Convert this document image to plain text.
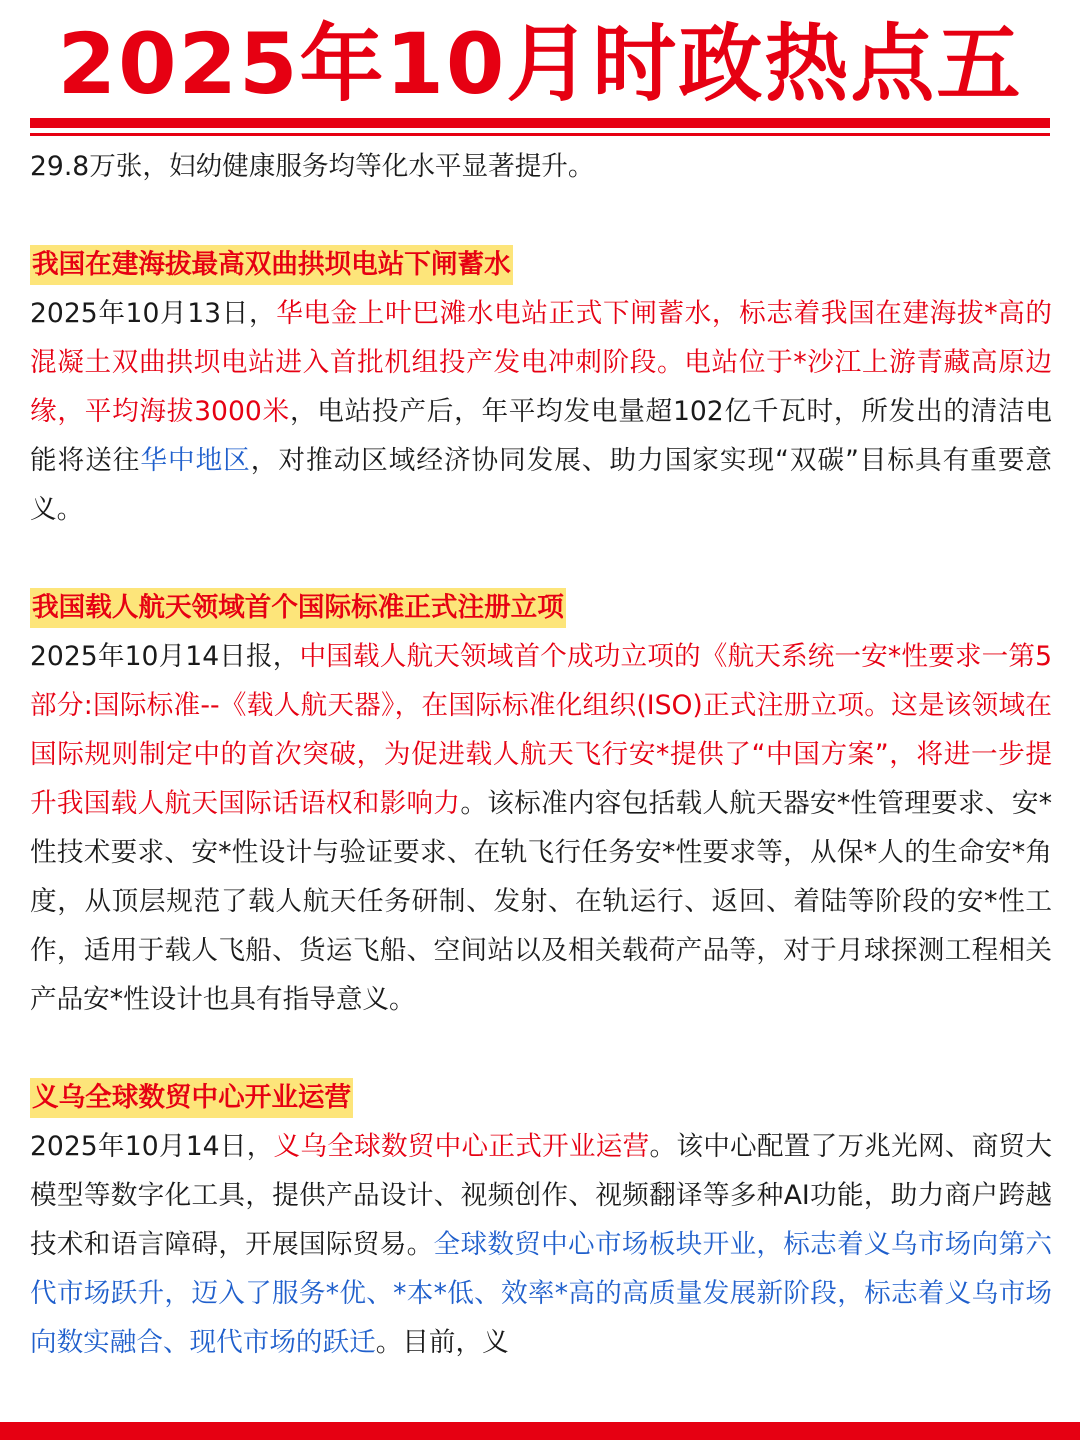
2025年10月时政热点五

29.8万张，妇幼健康服务均等化水平显著提升。

我国在建海拔最高双曲拱坝电站下闸蓄水

2025年10月13日，华电金上叶巴滩水电站正式下闸蓄水，标志着我国在建海拔*高的混凝土双曲拱坝电站进入首批机组投产发电冲刺阶段。电站位于*沙江上游青藏高原边缘，平均海拔3000米，电站投产后，年平均发电量超102亿千瓦时，所发出的清洁电能将送往华中地区，对推动区域经济协同发展、助力国家实现“双碳”目标具有重要意义。

我国载人航天领域首个国际标准正式注册立项

2025年10月14日报，中国载人航天领域首个成功立项的《航天系统一安*性要求一第5部分:国际标准--《载人航天器》，在国际标准化组织(ISO)正式注册立项。这是该领域在国际规则制定中的首次突破，为促进载人航天飞行安*提供了“中国方案”，将进一步提升我国载人航天国际话语权和影响力。该标准内容包括载人航天器安*性管理要求、安*性技术要求、安*性设计与验证要求、在轨飞行任务安*性要求等，从保*人的生命安*角度，从顶层规范了载人航天任务研制、发射、在轨运行、返回、着陆等阶段的安*性工作，适用于载人飞船、货运飞船、空间站以及相关载荷产品等，对于月球探测工程相关产品安*性设计也具有指导意义。

义乌全球数贸中心开业运营

2025年10月14日，义乌全球数贸中心正式开业运营。该中心配置了万兆光网、商贸大模型等数字化工具，提供产品设计、视频创作、视频翻译等多种AI功能，助力商户跨越技术和语言障碍，开展国际贸易。全球数贸中心市场板块开业，标志着义乌市场向第六代市场跃升，迈入了服务*优、*本*低、效率*高的高质量发展新阶段，标志着义乌市场向数实融合、现代市场的跃迁。目前，义
